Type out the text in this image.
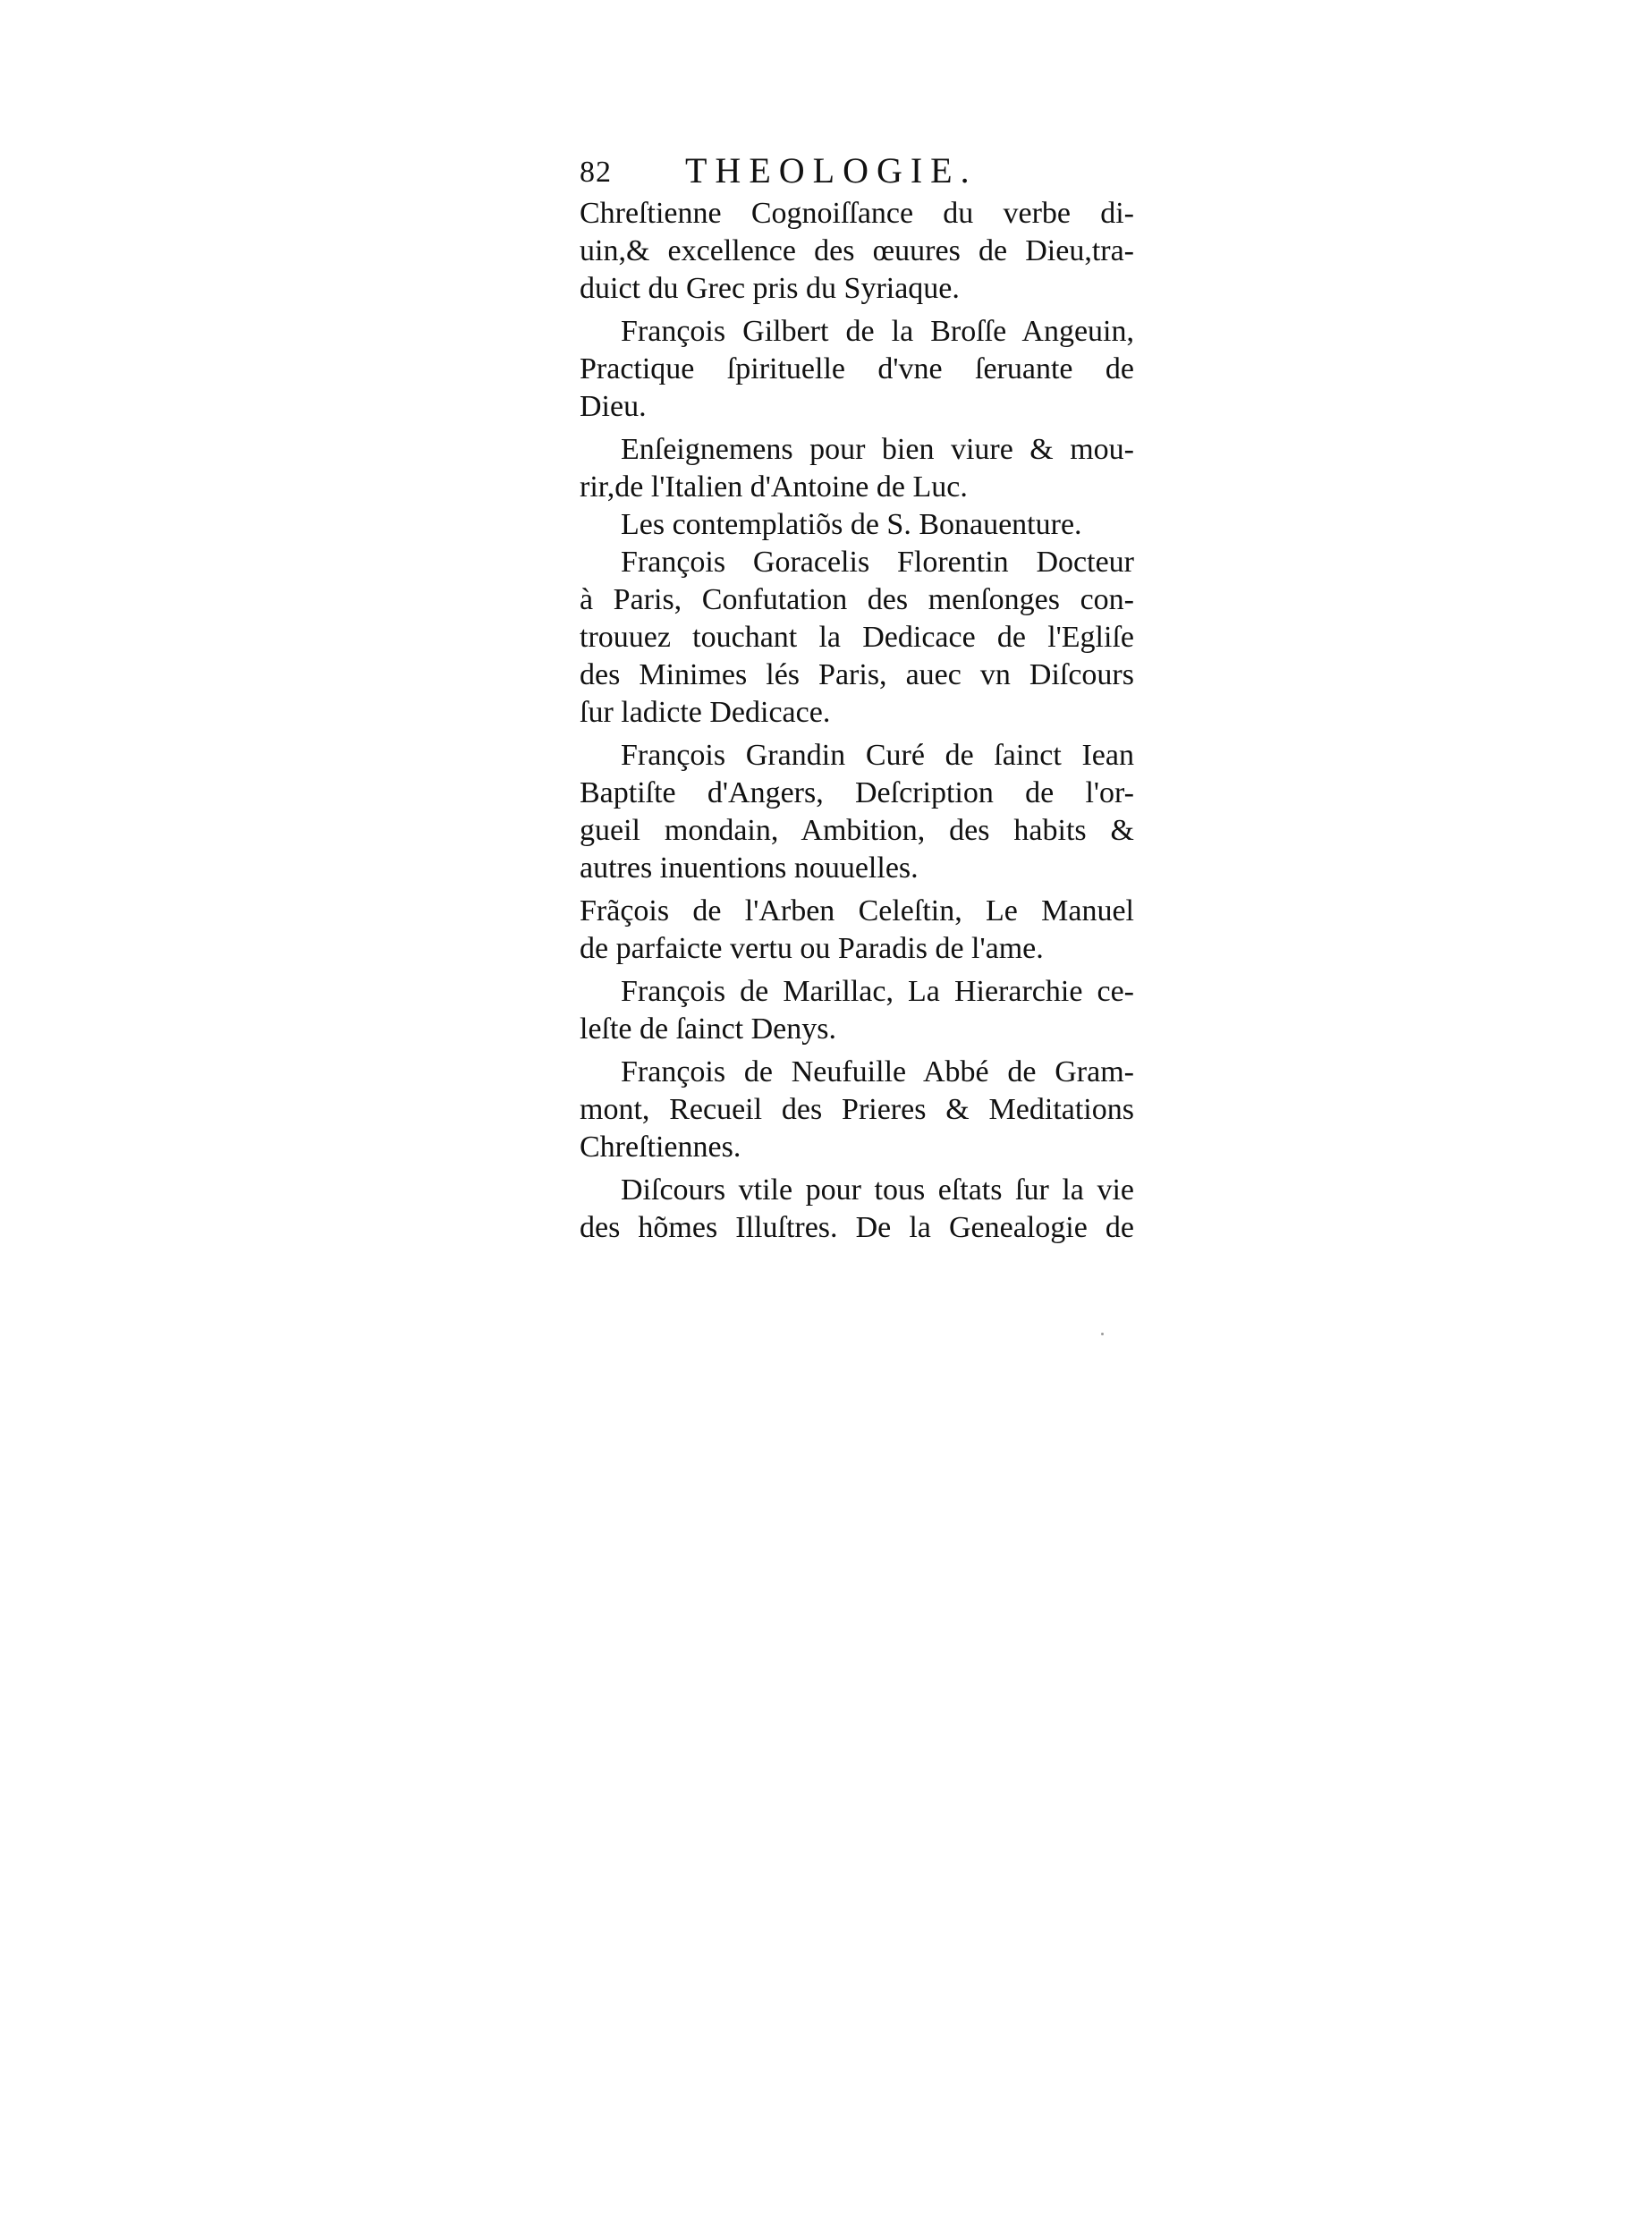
82 THEOLOGIE.
Chreſtienne Cognoiſſance du verbe di-
uin,& excellence des œuures de Dieu,tra-
duict du Grec pris du Syriaque.
François Gilbert de la Broſſe Angeuin,
Practique ſpirituelle d'vne ſeruante de
Dieu.
Enſeignemens pour bien viure & mou-
rir,de l'Italien d'Antoine de Luc.
Les contemplatiõs de S. Bonauenture.
François Goracelis Florentin Docteur
à Paris, Confutation des menſonges con-
trouuez touchant la Dedicace de l'Egliſe
des Minimes lés Paris, auec vn Diſcours
ſur ladicte Dedicace.
François Grandin Curé de ſainct Iean
Baptiſte d'Angers, Deſcription de l'or-
gueil mondain, Ambition, des habits &
autres inuentions nouuelles.
Frãçois de l'Arben Celeſtin, Le Manuel
de parfaicte vertu ou Paradis de l'ame.
François de Marillac, La Hierarchie ce-
leſte de ſainct Denys.
François de Neufuille Abbé de Gram-
mont, Recueil des Prieres & Meditations
Chreſtiennes.
Diſcours vtile pour tous eſtats ſur la vie
des hõmes Illuſtres. De la Genealogie de
